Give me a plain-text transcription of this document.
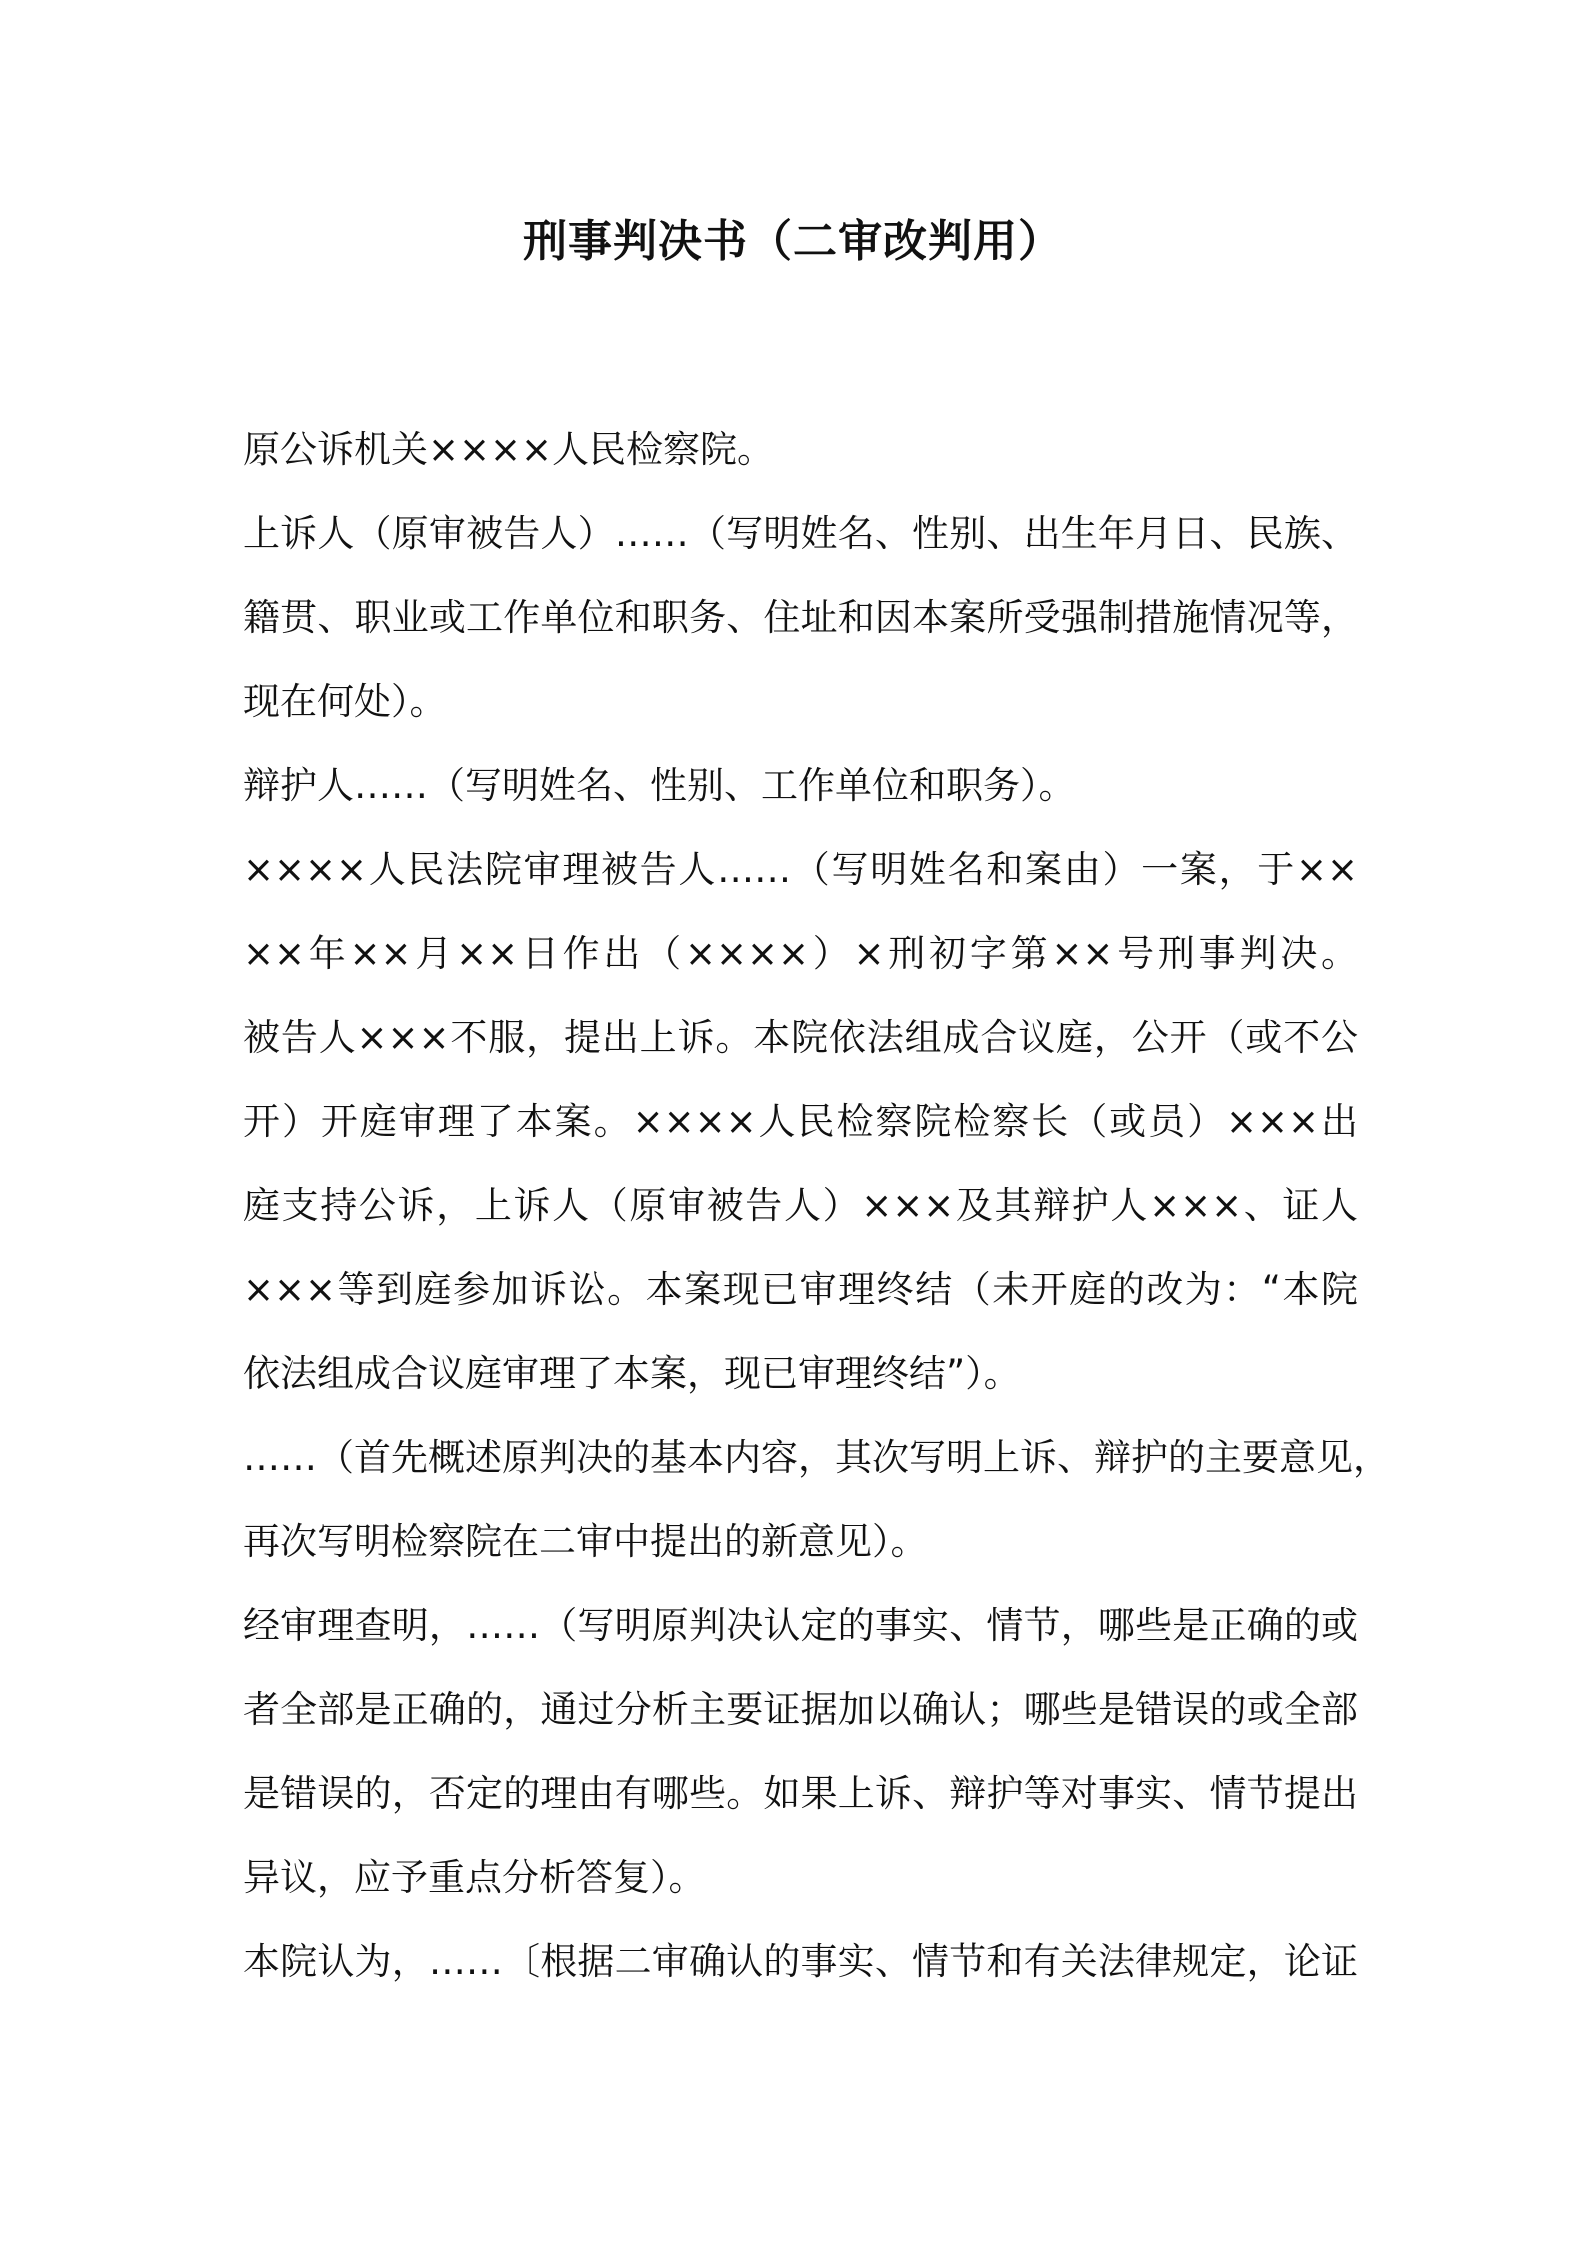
刑事判决书（二审改判用）
原公诉机关××××人民检察院。
上诉人（原审被告人）……（写明姓名、性别、出生年月日、民族、
籍贯、职业或工作单位和职务、住址和因本案所受强制措施情况等，
现在何处）。
辩护人……（写明姓名、性别、工作单位和职务）。
××××人民法院审理被告人……（写明姓名和案由）一案，于××
××年××月××日作出（××××）×刑初字第××号刑事判决。
被告人×××不服，提出上诉。本院依法组成合议庭，公开（或不公
开）开庭审理了本案。××××人民检察院检察长（或员）×××出
庭支持公诉，上诉人（原审被告人）×××及其辩护人×××、证人
×××等到庭参加诉讼。本案现已审理终结（未开庭的改为：“本院
依法组成合议庭审理了本案，现已审理终结”）。
……（首先概述原判决的基本内容，其次写明上诉、辩护的主要意见，
再次写明检察院在二审中提出的新意见）。
经审理查明，……（写明原判决认定的事实、情节，哪些是正确的或
者全部是正确的，通过分析主要证据加以确认；哪些是错误的或全部
是错误的，否定的理由有哪些。如果上诉、辩护等对事实、情节提出
异议，应予重点分析答复）。
本院认为，……〔根据二审确认的事实、情节和有关法律规定，论证
